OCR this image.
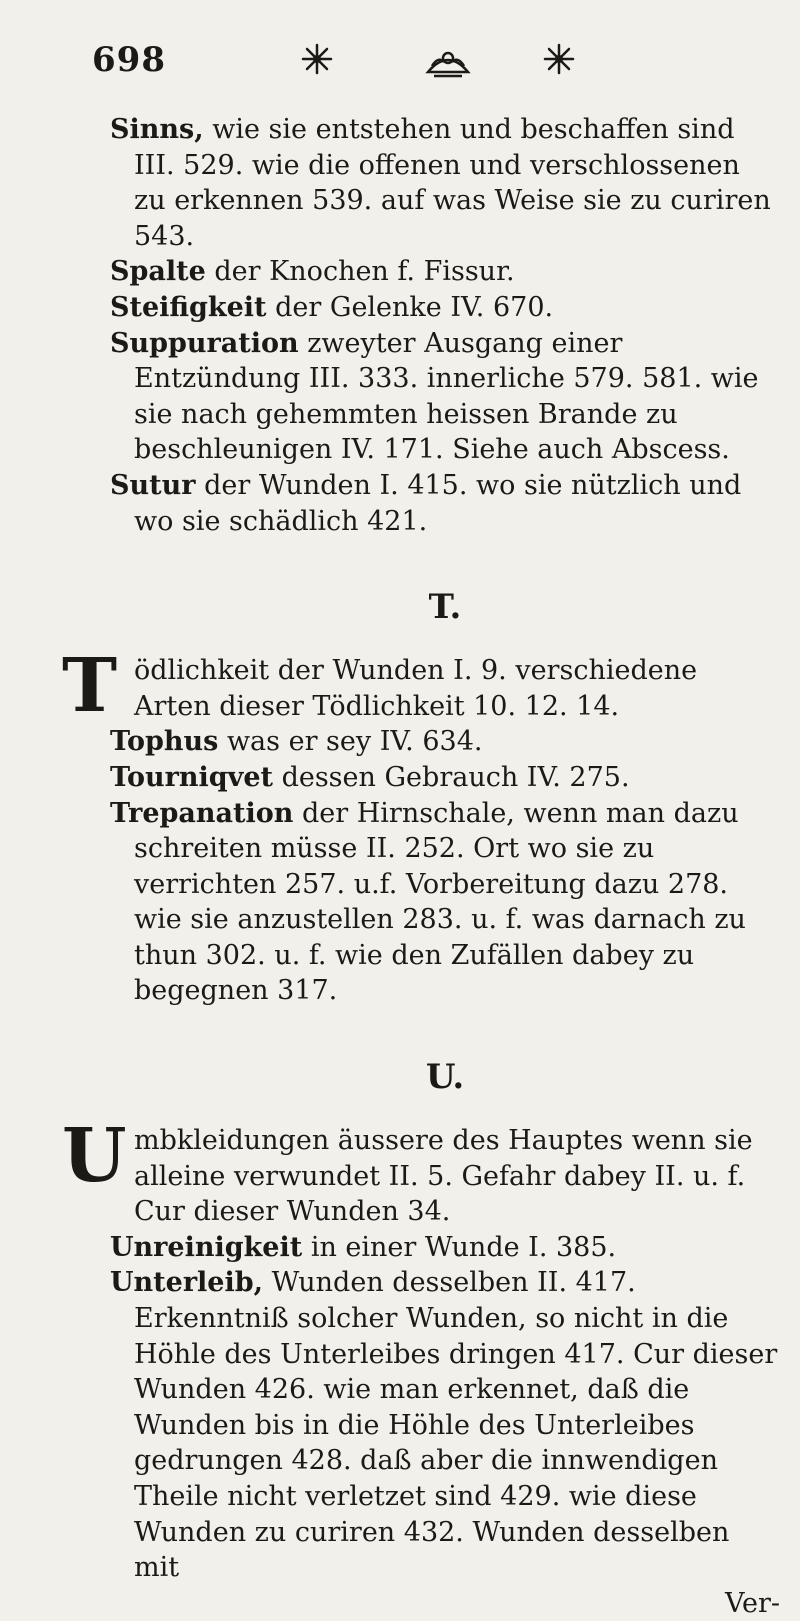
698

Sinns, wie sie entstehen und beschaffen sind III. 529. wie die offenen und verschlossenen zu erkennen 539. auf was Weise sie zu curiren 543.

Spalte der Knochen f. Fissur.

Steifigkeit der Gelenke IV. 670.

Suppuration zweyter Ausgang einer Entzündung III. 333. innerliche 579. 581. wie sie nach gehemmten heissen Brande zu beschleunigen IV. 171. Siehe auch Abscess.

Sutur der Wunden I. 415. wo sie nützlich und wo sie schädlich 421.

T.

T ödlichkeit der Wunden I. 9. verschiedene Arten dieser Tödlichkeit 10. 12. 14.

Tophus was er sey IV. 634.

Tourniqvet dessen Gebrauch IV. 275.

Trepanation der Hirnschale, wenn man dazu schreiten müsse II. 252. Ort wo sie zu verrichten 257. u.f. Vorbereitung dazu 278. wie sie anzustellen 283. u. f. was darnach zu thun 302. u. f. wie den Zufällen dabey zu begegnen 317.

U.

U mbkleidungen äussere des Hauptes wenn sie alleine verwundet II. 5. Gefahr dabey II. u. f. Cur dieser Wunden 34.

Unreinigkeit in einer Wunde I. 385.

Unterleib, Wunden desselben II. 417. Erkenntniß solcher Wunden, so nicht in die Höhle des Unterleibes dringen 417. Cur dieser Wunden 426. wie man erkennet, daß die Wunden bis in die Höhle des Unterleibes gedrungen 428. daß aber die innwendigen Theile nicht verletzet sind 429. wie diese Wunden zu curiren 432. Wunden desselben mit

Ver-
